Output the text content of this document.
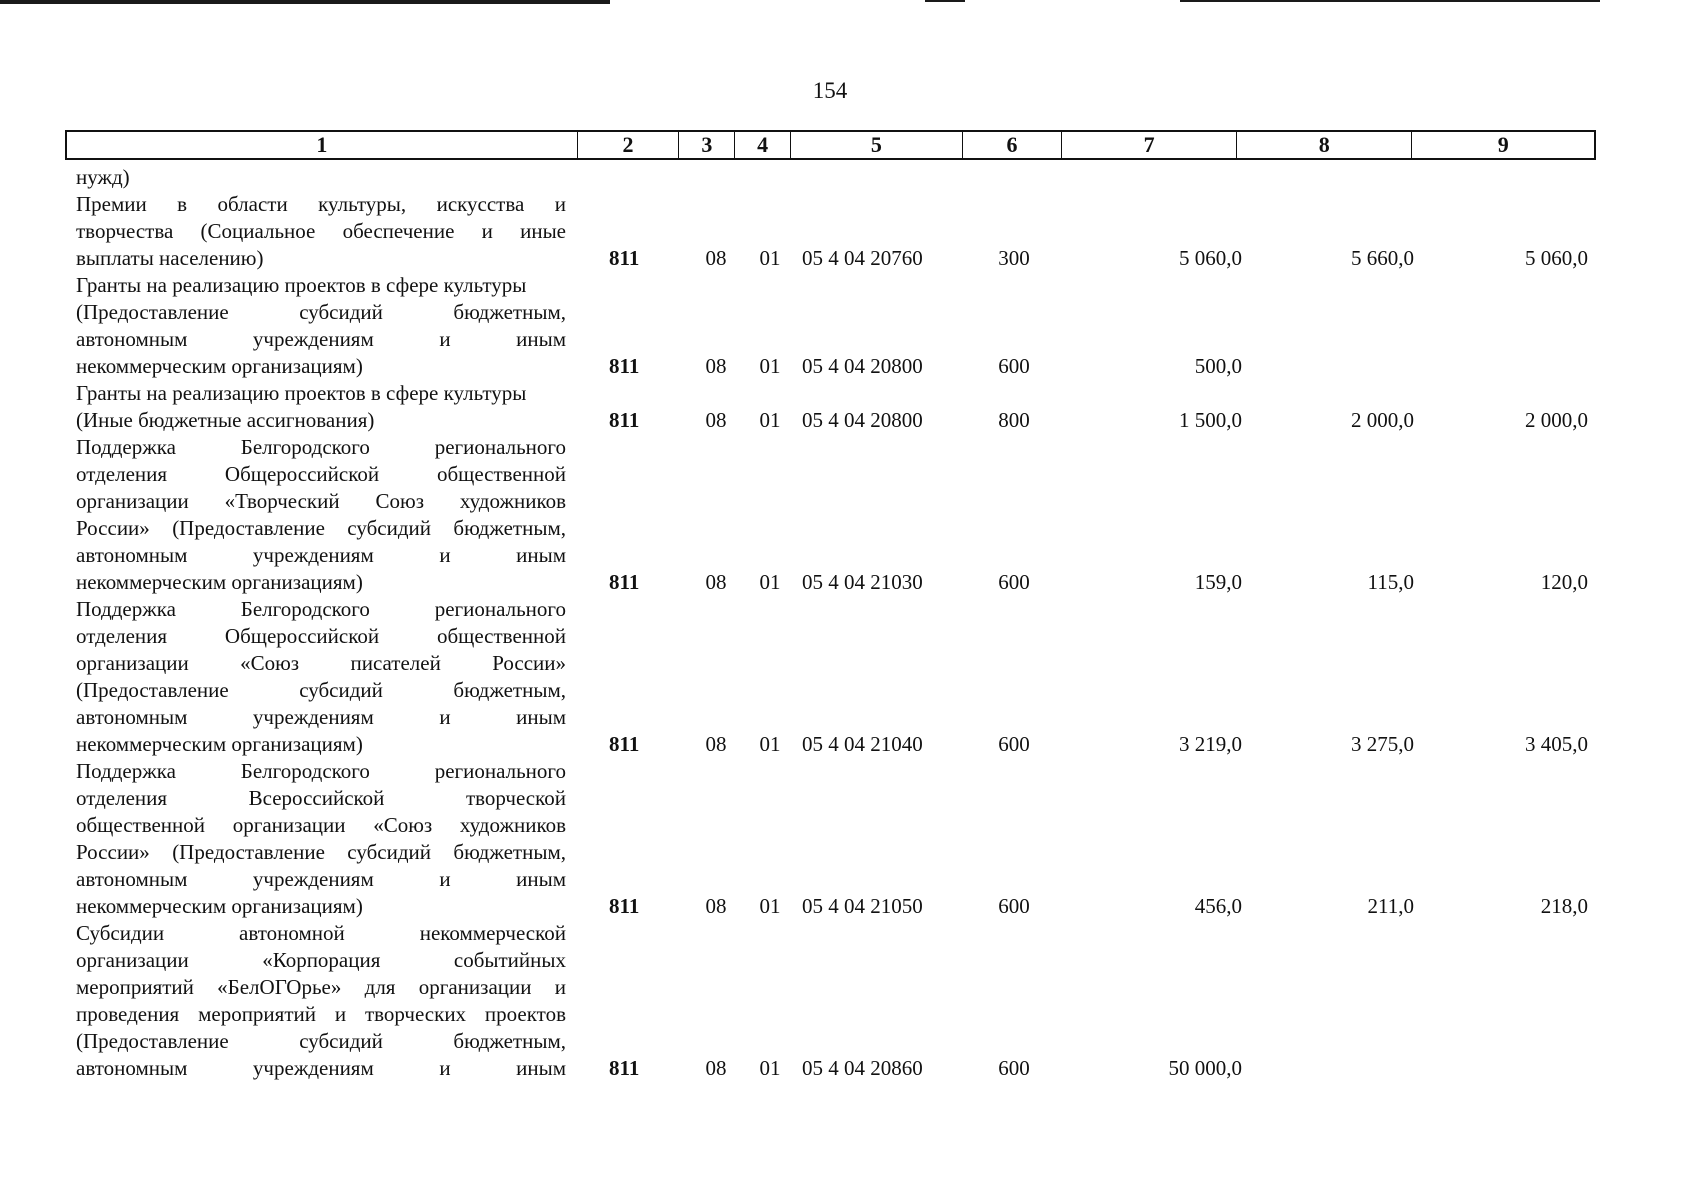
154
1	2	3	4	5	6	7	8	9
нужд)
Премии в области культуры, искусства и
творчества (Социальное обеспечение и иные
выплаты населению)	811	08	01	05 4 04 20760	300	5 060,0	5 660,0	5 060,0
Гранты на реализацию проектов в сфере культуры
(Предоставление субсидий бюджетным,
автономным учреждениям и иным
некоммерческим организациям)	811	08	01	05 4 04 20800	600	500,0
Гранты на реализацию проектов в сфере культуры
(Иные бюджетные ассигнования)	811	08	01	05 4 04 20800	800	1 500,0	2 000,0	2 000,0
Поддержка Белгородского регионального
отделения Общероссийской общественной
организации «Творческий Союз художников
России» (Предоставление субсидий бюджетным,
автономным учреждениям и иным
некоммерческим организациям)	811	08	01	05 4 04 21030	600	159,0	115,0	120,0
Поддержка Белгородского регионального
отделения Общероссийской общественной
организации «Союз писателей России»
(Предоставление субсидий бюджетным,
автономным учреждениям и иным
некоммерческим организациям)	811	08	01	05 4 04 21040	600	3 219,0	3 275,0	3 405,0
Поддержка Белгородского регионального
отделения Всероссийской творческой
общественной организации «Союз художников
России» (Предоставление субсидий бюджетным,
автономным учреждениям и иным
некоммерческим организациям)	811	08	01	05 4 04 21050	600	456,0	211,0	218,0
Субсидии автономной некоммерческой
организации «Корпорация событийных
мероприятий «БелОГОрье» для организации и
проведения мероприятий и творческих проектов
(Предоставление субсидий бюджетным,
автономным учреждениям и иным 811	08	01	05 4 04 20860	600	50 000,0
